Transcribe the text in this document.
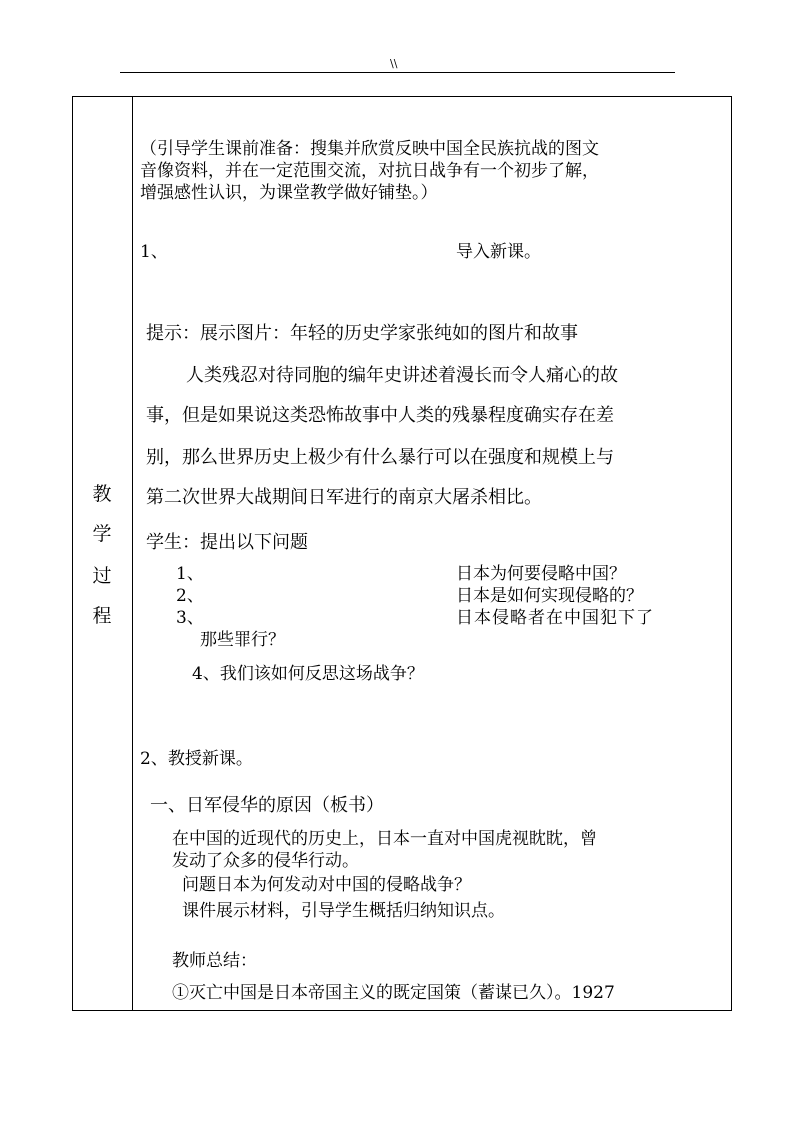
\\
教
学
过
程
（引导学生课前准备：搜集并欣赏反映中国全民族抗战的图文
音像资料，并在一定范围交流，对抗日战争有一个初步了解，
增强感性认识，为课堂教学做好铺垫。）
1、	导入新课。
提示：展示图片：年轻的历史学家张纯如的图片和故事
人类残忍对待同胞的编年史讲述着漫长而令人痛心的故
事，但是如果说这类恐怖故事中人类的残暴程度确实存在差
别，那么世界历史上极少有什么暴行可以在强度和规模上与
第二次世界大战期间日军进行的南京大屠杀相比。
学生：提出以下问题
1、	日本为何要侵略中国？
2、	日本是如何实现侵略的？
3、	日本侵略者在中国犯下了
那些罪行？
4、我们该如何反思这场战争？
2、教授新课。
一、日军侵华的原因（板书）
在中国的近现代的历史上，日本一直对中国虎视眈眈，曾
发动了众多的侵华行动。
问题日本为何发动对中国的侵略战争？
课件展示材料，引导学生概括归纳知识点。
教师总结：
①灭亡中国是日本帝国主义的既定国策（蓄谋已久）。1927
